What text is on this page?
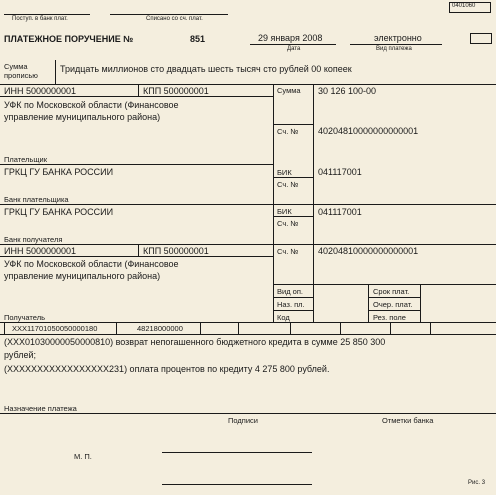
Поступ. в банк плат.	Списано со сч. плат.
0401060
ПЛАТЕЖНОЕ ПОРУЧЕНИЕ №	851	29 января 2008
Дата
электронно
Вид платежа
Сумма
прописью
Тридцать миллионов сто двадцать шесть тысяч сто рублей 00 копеек
ИНН 5000000001	КПП 500000001
УФК по Московской области (Финансовое
управление муниципального района)
Плательщик
Сумма 30 126 100-00
Сч. № 40204810000000000001
ГРКЦ ГУ БАНКА РОССИИ
Банк плательщика
БИК	041117001
Сч. №
ГРКЦ ГУ БАНКА РОССИИ
Банк получателя
БИК	041117001
Сч. №
ИНН 5000000001	КПП 500000001
УФК по Московской области (Финансовое
управление муниципального района)
Получатель
Сч. № 40204810000000000001
Вид оп.
Наз. пл.
Код
Срок плат.
Очер. плат.
Рез. поле
XXX11701050050000180	48218000000
(XXX01030000050000810) возврат непогашенного бюджетного кредита в сумме 25 850 300
рублей;
(XXXXXXXXXXXXXXXXX231) оплата процентов по кредиту 4 275 800 рублей.
Назначение платежа
Подписи	Отметки банка
М. П.
Рис. 3
